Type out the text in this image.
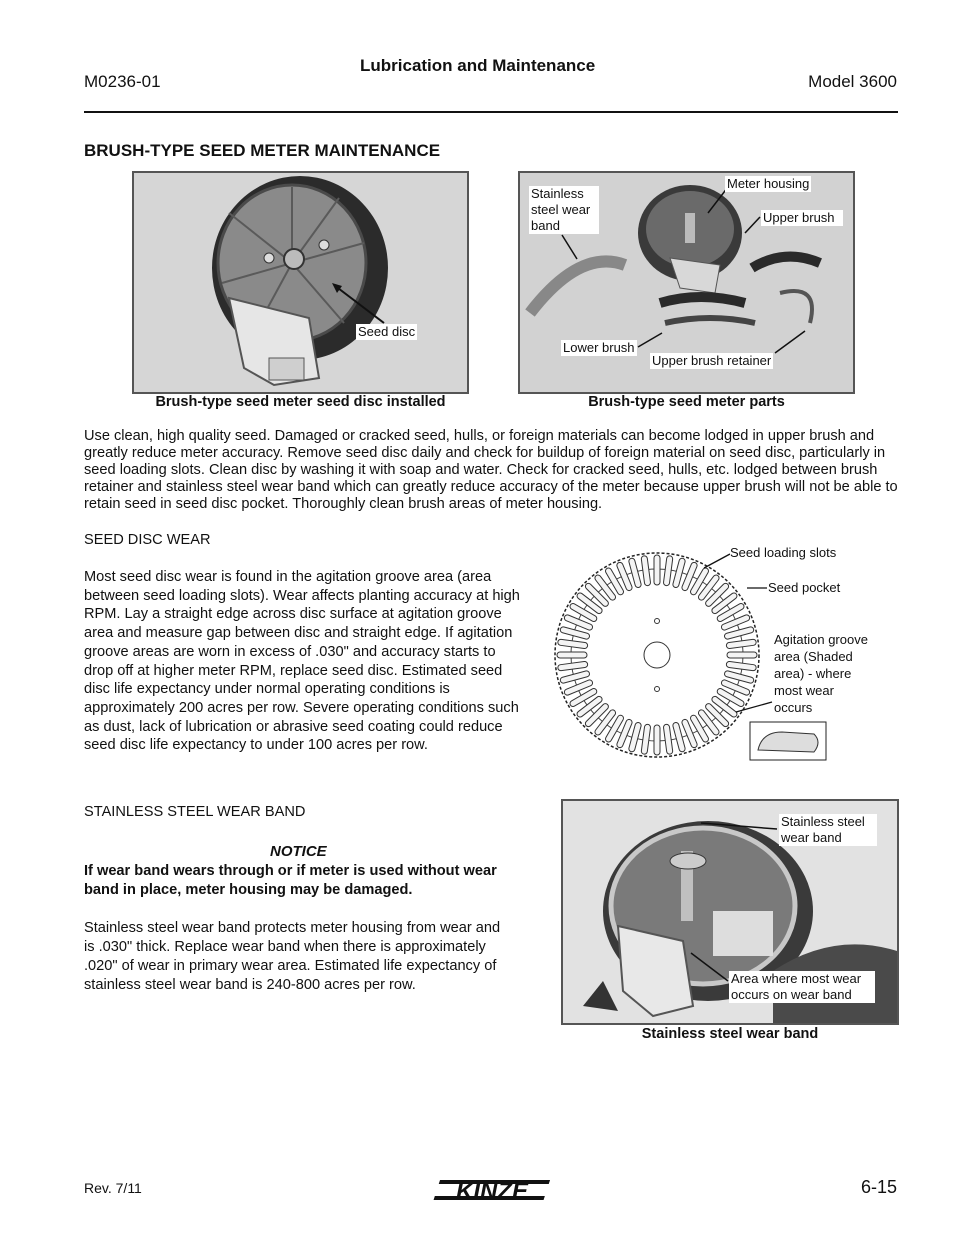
M0236-01
Lubrication and Maintenance
Model 3600
BRUSH-TYPE SEED METER MAINTENANCE
Seed disc
Brush-type seed meter seed disc installed
Stainless steel wear band
Meter housing
Upper brush
Lower brush
Upper brush retainer
Brush-type seed meter parts
Use clean, high quality seed. Damaged or cracked seed, hulls, or foreign materials can become lodged in upper brush and greatly reduce meter accuracy. Remove seed disc daily and check for buildup of foreign material on seed disc, particularly in seed loading slots. Clean disc by washing it with soap and water. Check for cracked seed, hulls, etc. lodged between brush retainer and stainless steel wear band which can greatly reduce accuracy of the meter because upper brush will not be able to retain seed in seed disc pocket. Thoroughly clean brush areas of meter housing.
SEED DISC WEAR
Most seed disc wear is found in the agitation groove area (area between seed loading slots). Wear affects planting accuracy at high RPM. Lay a straight edge across disc surface at agitation groove area and measure gap between disc and straight edge. If agitation groove areas are worn in excess of .030" and accuracy starts to drop off at higher meter RPM, replace seed disc. Estimated seed disc life expectancy under normal operating conditions is approximately 200 acres per row. Severe operating conditions such as dust, lack of lubrication or abrasive seed coating could reduce seed disc life expectancy to under 100 acres per row.
Seed loading slots
Seed pocket
Agitation groove area (Shaded area) - where most wear occurs
STAINLESS STEEL WEAR BAND
NOTICE
If wear band wears through or if meter is used without wear band in place, meter housing may be damaged.
Stainless steel wear band protects meter housing from wear and is .030" thick. Replace wear band when there is approximately .020" of wear in primary wear area. Estimated life expectancy of stainless steel wear band is 240-800 acres per row.
Stainless steel wear band
Area where most wear occurs on wear band
Stainless steel wear band
Rev. 7/11	KINZE	6-15
